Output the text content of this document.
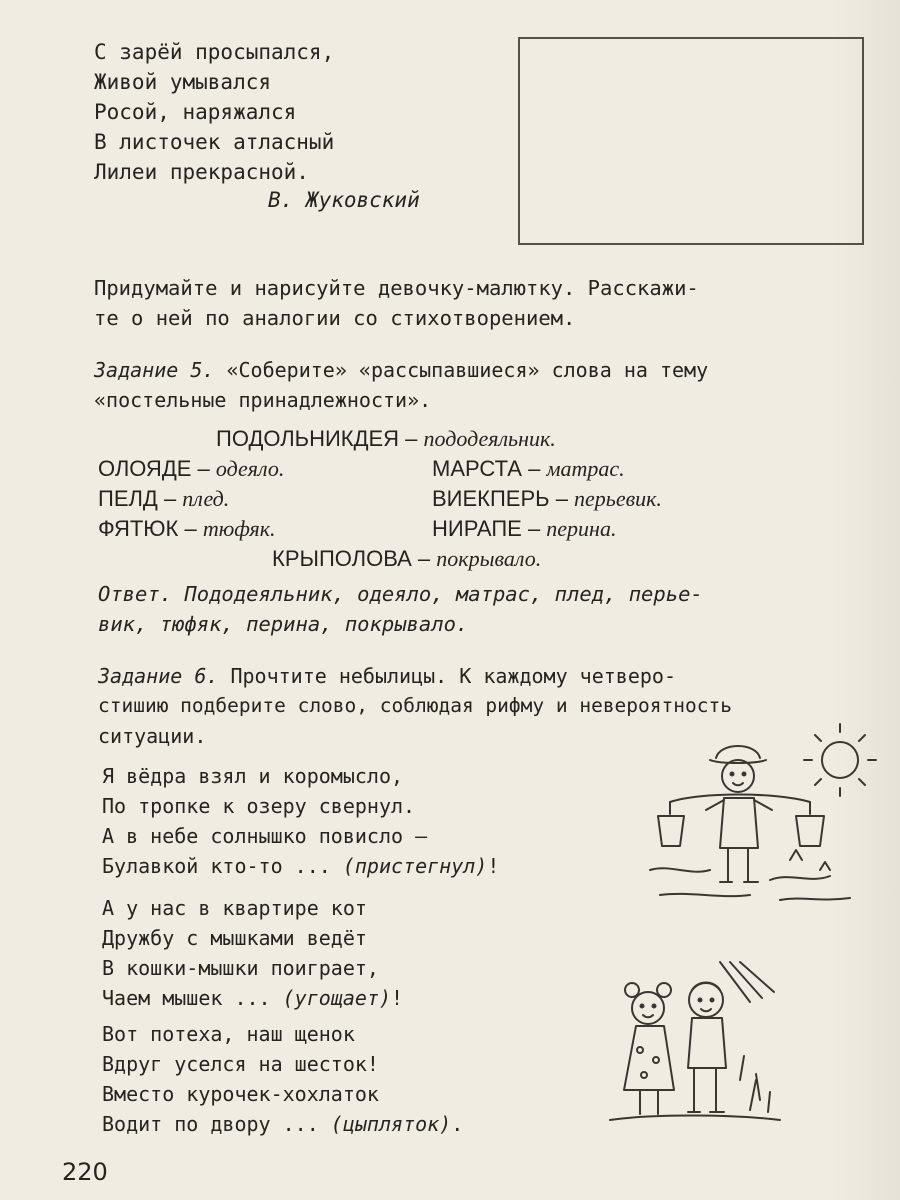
С зарёй просыпался,
Живой умывался
Росой, наряжался
В листочек атласный
Лилеи прекрасной.
В. Жуковский
Придумайте и нарисуйте девочку-малютку. Расскажи-
те о ней по аналогии со стихотворением.
Задание 5. «Соберите» «рассыпавшиеся» слова на тему
«постельные принадлежности».
ПОДОЛЬНИКДЕЯ – пододеяльник.
ОЛОЯДЕ – одеяло.	МАРСТА – матрас.
ПЕЛД – плед.	ВИЕКПЕРЬ – перьевик.
ФЯТЮК – тюфяк.	НИРАПЕ – перина.
КРЫПОЛОВА – покрывало.
Ответ. Пододеяльник, одеяло, матрас, плед, перье-
вик, тюфяк, перина, покрывало.
Задание 6. Прочтите небылицы. К каждому четверо-
стишию подберите слово, соблюдая рифму и невероятность
ситуации.
Я вёдра взял и коромысло,
По тропке к озеру свернул.
А в небе солнышко повисло –
Булавкой кто-то ... (пристегнул)!
А у нас в квартире кот
Дружбу с мышками ведёт
В кошки-мышки поиграет,
Чаем мышек ... (угощает)!
Вот потеха, наш щенок
Вдруг уселся на шесток!
Вместо курочек-хохлаток
Водит по двору ... (цыпляток).
220
